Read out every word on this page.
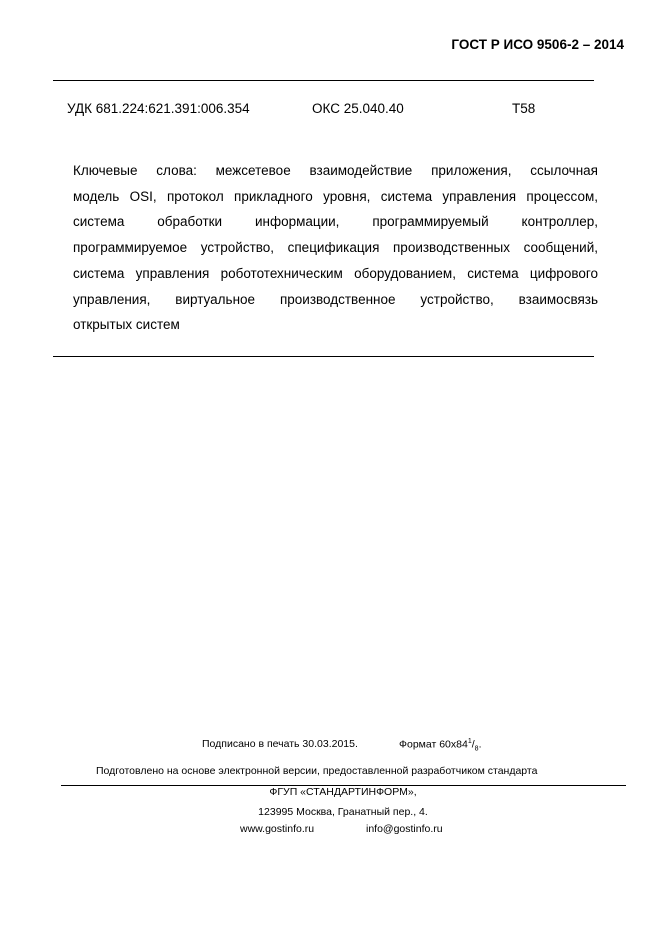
ГОСТ Р ИСО 9506-2 – 2014
УДК 681.224:621.391:006.354	ОКС 25.040.40	Т58
Ключевые слова: межсетевое взаимодействие приложения, ссылочная
модель OSI, протокол прикладного уровня, система управления процессом,
система обработки информации, программируемый контроллер,
программируемое устройство, спецификация производственных сообщений,
система управления робототехническим оборудованием, система цифрового
управления, виртуальное производственное устройство, взаимосвязь
открытых систем
Подписано в печать 30.03.2015.	Формат $60x84^1/_8$.
Подготовлено на основе электронной версии, предоставленной разработчиком стандарта
ФГУП «СТАНДАРТИНФОРМ»,
123995 Москва, Гранатный пер., 4.
www.gostinfo.ru	info@gostinfo.ru
